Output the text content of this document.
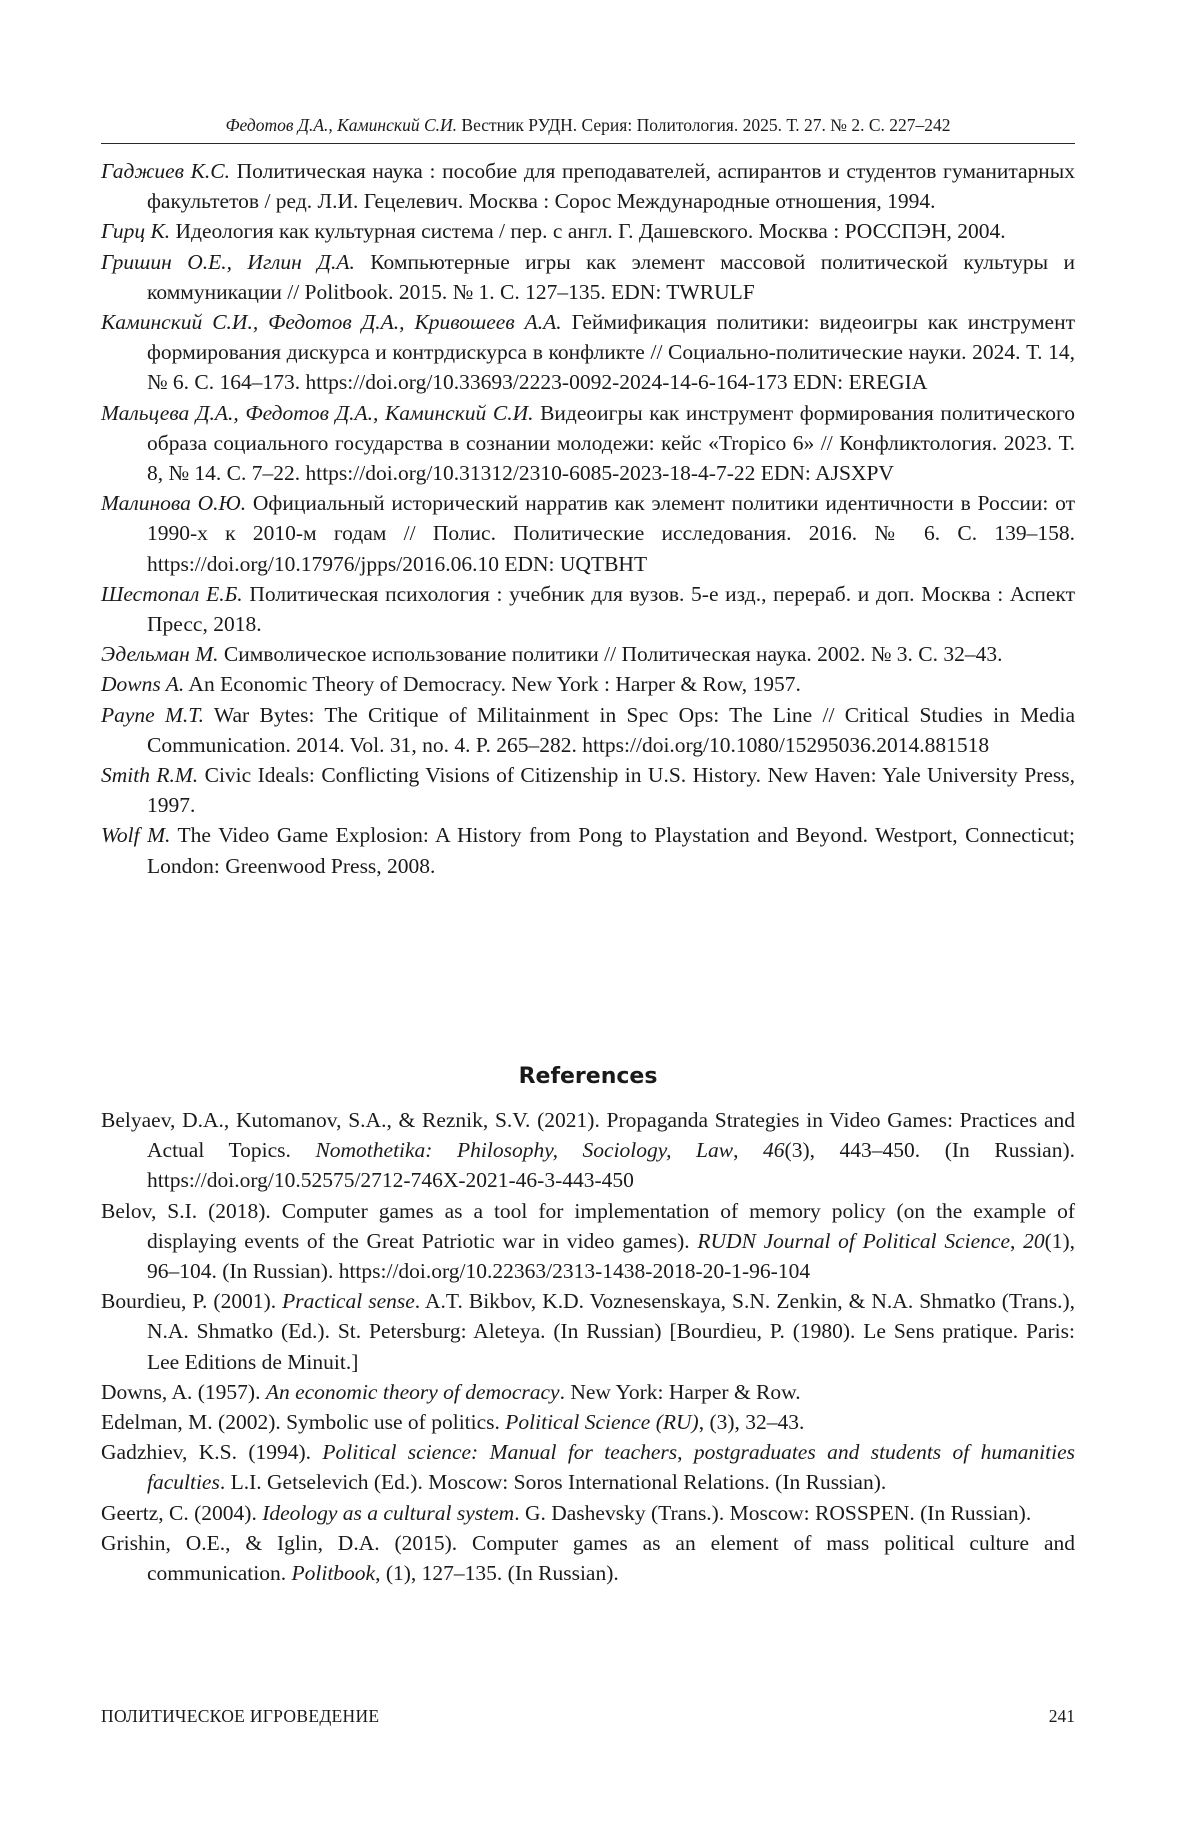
Федотов Д.А., Каминский С.И. Вестник РУДН. Серия: Политология. 2025. Т. 27. № 2. С. 227–242
Гаджиев К.С. Политическая наука : пособие для преподавателей, аспирантов и студентов гуманитарных факультетов / ред. Л.И. Гецелевич. Москва : Сорос Международные отношения, 1994.
Гирц К. Идеология как культурная система / пер. с англ. Г. Дашевского. Москва : РОССПЭН, 2004.
Гришин О.Е., Иглин Д.А. Компьютерные игры как элемент массовой политической культуры и коммуникации // Politbook. 2015. № 1. С. 127–135. EDN: TWRULF
Каминский С.И., Федотов Д.А., Кривошеев А.А. Геймификация политики: видеоигры как инструмент формирования дискурса и контрдискурса в конфликте // Социально-политические науки. 2024. Т. 14, № 6. С. 164–173. https://doi.org/10.33693/2223-0092-2024-14-6-164-173 EDN: EREGIA
Мальцева Д.А., Федотов Д.А., Каминский С.И. Видеоигры как инструмент формирования политического образа социального государства в сознании молодежи: кейс «Tropico 6» // Конфликтология. 2023. Т. 8, № 14. С. 7–22. https://doi.org/10.31312/2310-6085-2023-18-4-7-22 EDN: AJSXPV
Малинова О.Ю. Официальный исторический нарратив как элемент политики идентичности в России: от 1990-х к 2010-м годам // Полис. Политические исследования. 2016. № 6. С. 139–158. https://doi.org/10.17976/jpps/2016.06.10 EDN: UQTBHT
Шестопал Е.Б. Политическая психология : учебник для вузов. 5-е изд., перераб. и доп. Москва : Аспект Пресс, 2018.
Эдельман М. Символическое использование политики // Политическая наука. 2002. № 3. С. 32–43.
Downs A. An Economic Theory of Democracy. New York : Harper & Row, 1957.
Payne M.T. War Bytes: The Critique of Militainment in Spec Ops: The Line // Critical Studies in Media Communication. 2014. Vol. 31, no. 4. P. 265–282. https://doi.org/10.1080/15295036.2014.881518
Smith R.M. Civic Ideals: Conflicting Visions of Citizenship in U.S. History. New Haven: Yale University Press, 1997.
Wolf M. The Video Game Explosion: A History from Pong to Playstation and Beyond. Westport, Connecticut; London: Greenwood Press, 2008.
References
Belyaev, D.A., Kutomanov, S.A., & Reznik, S.V. (2021). Propaganda Strategies in Video Games: Practices and Actual Topics. Nomothetika: Philosophy, Sociology, Law, 46(3), 443–450. (In Russian). https://doi.org/10.52575/2712-746X-2021-46-3-443-450
Belov, S.I. (2018). Computer games as a tool for implementation of memory policy (on the example of displaying events of the Great Patriotic war in video games). RUDN Journal of Political Science, 20(1), 96–104. (In Russian). https://doi.org/10.22363/2313-1438-2018-20-1-96-104
Bourdieu, P. (2001). Practical sense. A.T. Bikbov, K.D. Voznesenskaya, S.N. Zenkin, & N.A. Shmatko (Trans.), N.A. Shmatko (Ed.). St. Petersburg: Aleteya. (In Russian) [Bourdieu, P. (1980). Le Sens pratique. Paris: Lee Editions de Minuit.]
Downs, A. (1957). An economic theory of democracy. New York: Harper & Row.
Edelman, M. (2002). Symbolic use of politics. Political Science (RU), (3), 32–43.
Gadzhiev, K.S. (1994). Political science: Manual for teachers, postgraduates and students of humanities faculties. L.I. Getselevich (Ed.). Moscow: Soros International Relations. (In Russian).
Geertz, C. (2004). Ideology as a cultural system. G. Dashevsky (Trans.). Moscow: ROSSPEN. (In Russian).
Grishin, O.E., & Iglin, D.A. (2015). Computer games as an element of mass political culture and communication. Politbook, (1), 127–135. (In Russian).
ПОЛИТИЧЕСКОЕ ИГРОВЕДЕНИЕ	241
